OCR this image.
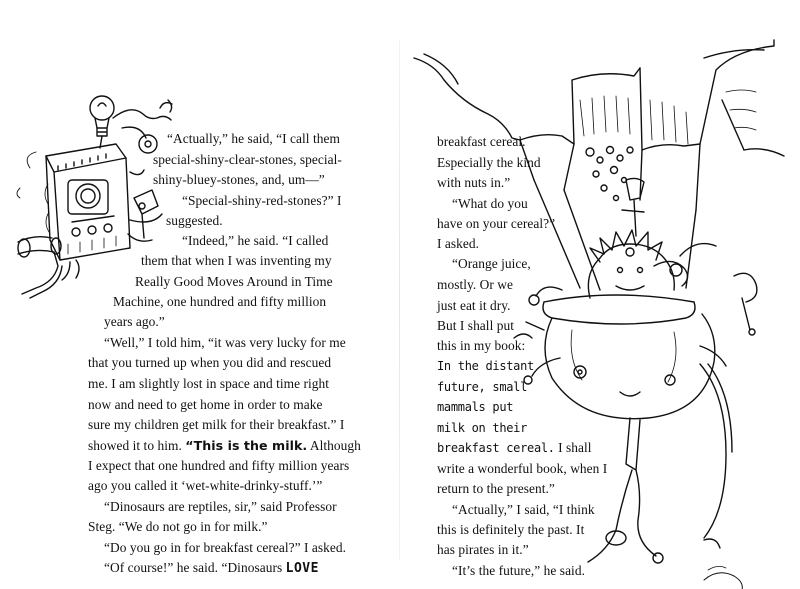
“Actually,” he said, “I call them
special-shiny-clear-stones, special-
shiny-bluey-stones, and, um—”
“Special-shiny-red-stones?” I
suggested.
“Indeed,” he said. “I called
them that when I was inventing my
Really Good Moves Around in Time
Machine, one hundred and fifty million
years ago.”
“Well,” I told him, “it was very lucky for me
that you turned up when you did and rescued
me. I am slightly lost in space and time right
now and need to get home in order to make
sure my children get milk for their breakfast.” I
showed it to him. “This is the milk. Although
I expect that one hundred and fifty million years
ago you called it ‘wet-white-drinky-stuff.’”
“Dinosaurs are reptiles, sir,” said Professor
Steg. “We do not go in for milk.”
“Do you go in for breakfast cereal?” I asked.
“Of course!” he said. “Dinosaurs LOVE
breakfast cereal.
Especially the kind
with nuts in.”
“What do you
have on your cereal?”
I asked.
“Orange juice,
mostly. Or we
just eat it dry.
But I shall put
this in my book:
In the distant
future, small
mammals put
milk on their
breakfast cereal. I shall
write a wonderful book, when I
return to the present.”
“Actually,” I said, “I think
this is definitely the past. It
has pirates in it.”
“It’s the future,” he said.
